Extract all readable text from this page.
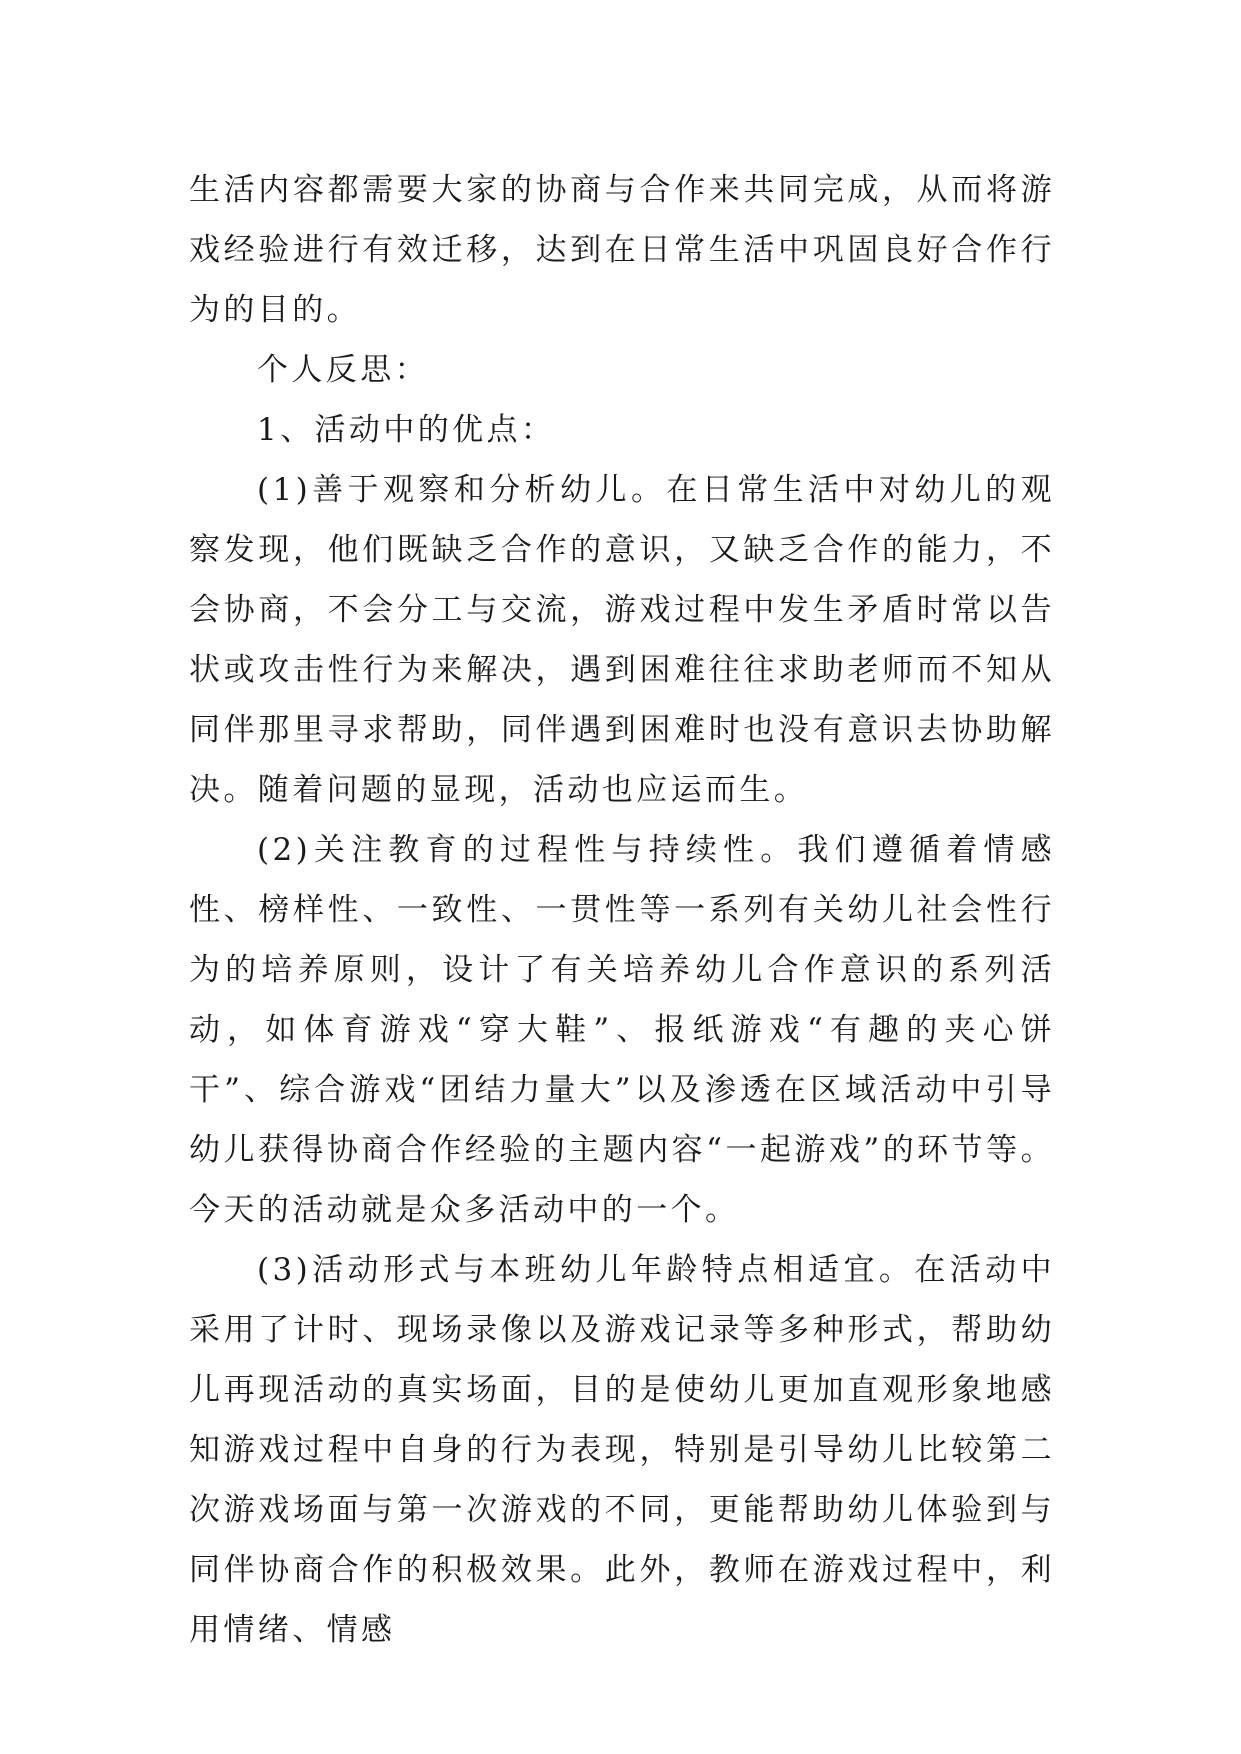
生活内容都需要大家的协商与合作来共同完成，从而将游戏经验进行有效迁移，达到在日常生活中巩固良好合作行为的目的。

个人反思：

1、活动中的优点：

(1)善于观察和分析幼儿。在日常生活中对幼儿的观察发现，他们既缺乏合作的意识，又缺乏合作的能力，不会协商，不会分工与交流，游戏过程中发生矛盾时常以告状或攻击性行为来解决，遇到困难往往求助老师而不知从同伴那里寻求帮助，同伴遇到困难时也没有意识去协助解决。随着问题的显现，活动也应运而生。

(2)关注教育的过程性与持续性。我们遵循着情感性、榜样性、一致性、一贯性等一系列有关幼儿社会性行为的培养原则，设计了有关培养幼儿合作意识的系列活动，如体育游戏“穿大鞋”、报纸游戏“有趣的夹心饼干”、综合游戏“团结力量大”以及渗透在区域活动中引导幼儿获得协商合作经验的主题内容“一起游戏”的环节等。今天的活动就是众多活动中的一个。

(3)活动形式与本班幼儿年龄特点相适宜。在活动中采用了计时、现场录像以及游戏记录等多种形式，帮助幼儿再现活动的真实场面，目的是使幼儿更加直观形象地感知游戏过程中自身的行为表现，特别是引导幼儿比较第二次游戏场面与第一次游戏的不同，更能帮助幼儿体验到与同伴协商合作的积极效果。此外，教师在游戏过程中，利用情绪、情感
